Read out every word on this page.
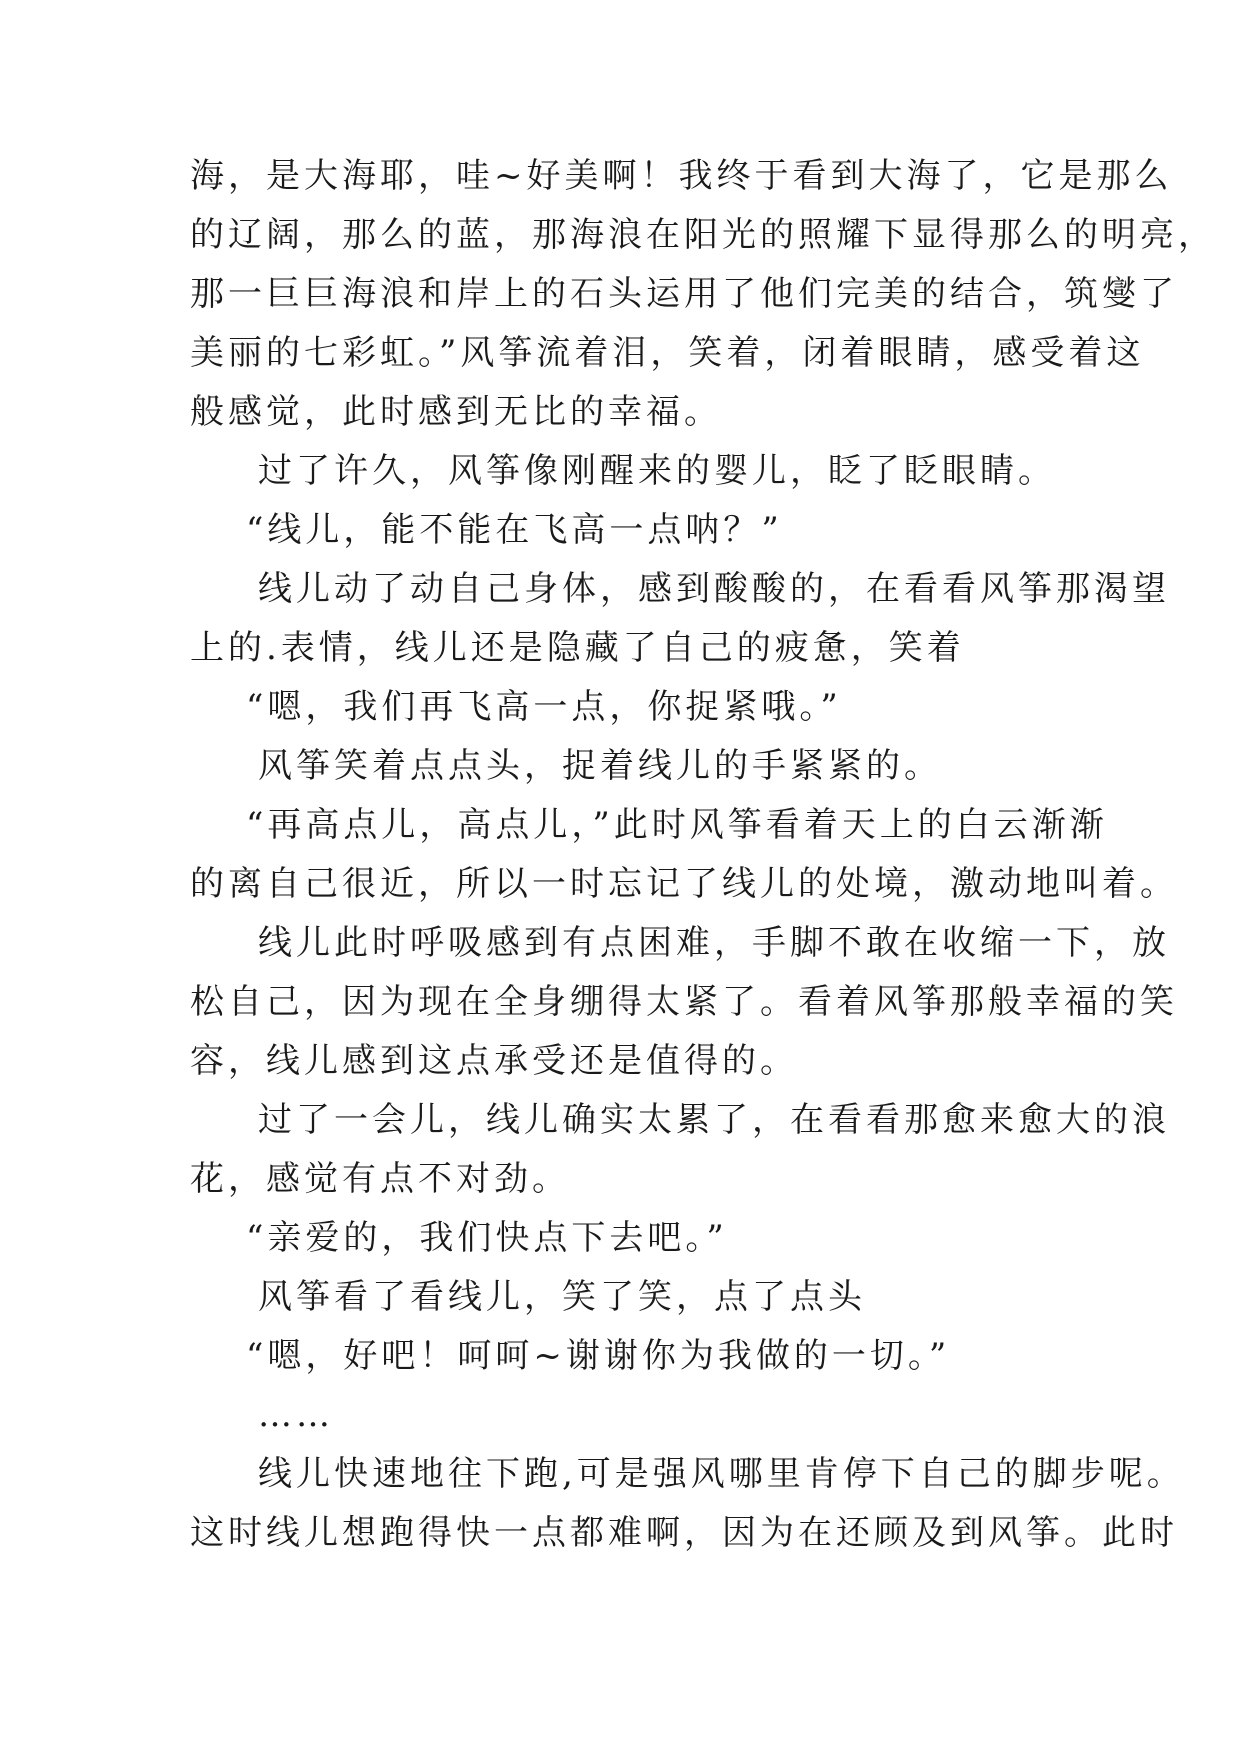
海，是大海耶，哇~好美啊！我终于看到大海了，它是那么
的辽阔，那么的蓝，那海浪在阳光的照耀下显得那么的明亮，
那一巨巨海浪和岸上的石头运用了他们完美的结合，筑燮了
美丽的七彩虹。”风筝流着泪，笑着，闭着眼睛，感受着这
般感觉，此时感到无比的幸福。
过了许久，风筝像刚醒来的婴儿，眨了眨眼睛。
“线儿，能不能在飞高一点呐？”
线儿动了动自己身体，感到酸酸的，在看看风筝那渴望
上的.表情，线儿还是隐藏了自己的疲惫，笑着
“嗯，我们再飞高一点，你捉紧哦。”
风筝笑着点点头，捉着线儿的手紧紧的。
“再高点儿，高点儿，”此时风筝看着天上的白云渐渐
的离自己很近，所以一时忘记了线儿的处境，激动地叫着。
线儿此时呼吸感到有点困难，手脚不敢在收缩一下，放
松自己，因为现在全身绷得太紧了。看着风筝那般幸福的笑
容，线儿感到这点承受还是值得的。
过了一会儿，线儿确实太累了，在看看那愈来愈大的浪
花，感觉有点不对劲。
“亲爱的，我们快点下去吧。”
风筝看了看线儿，笑了笑，点了点头
“嗯，好吧！呵呵~谢谢你为我做的一切。”
……
线儿快速地往下跑,可是强风哪里肯停下自己的脚步呢。
这时线儿想跑得快一点都难啊，因为在还顾及到风筝。此时
